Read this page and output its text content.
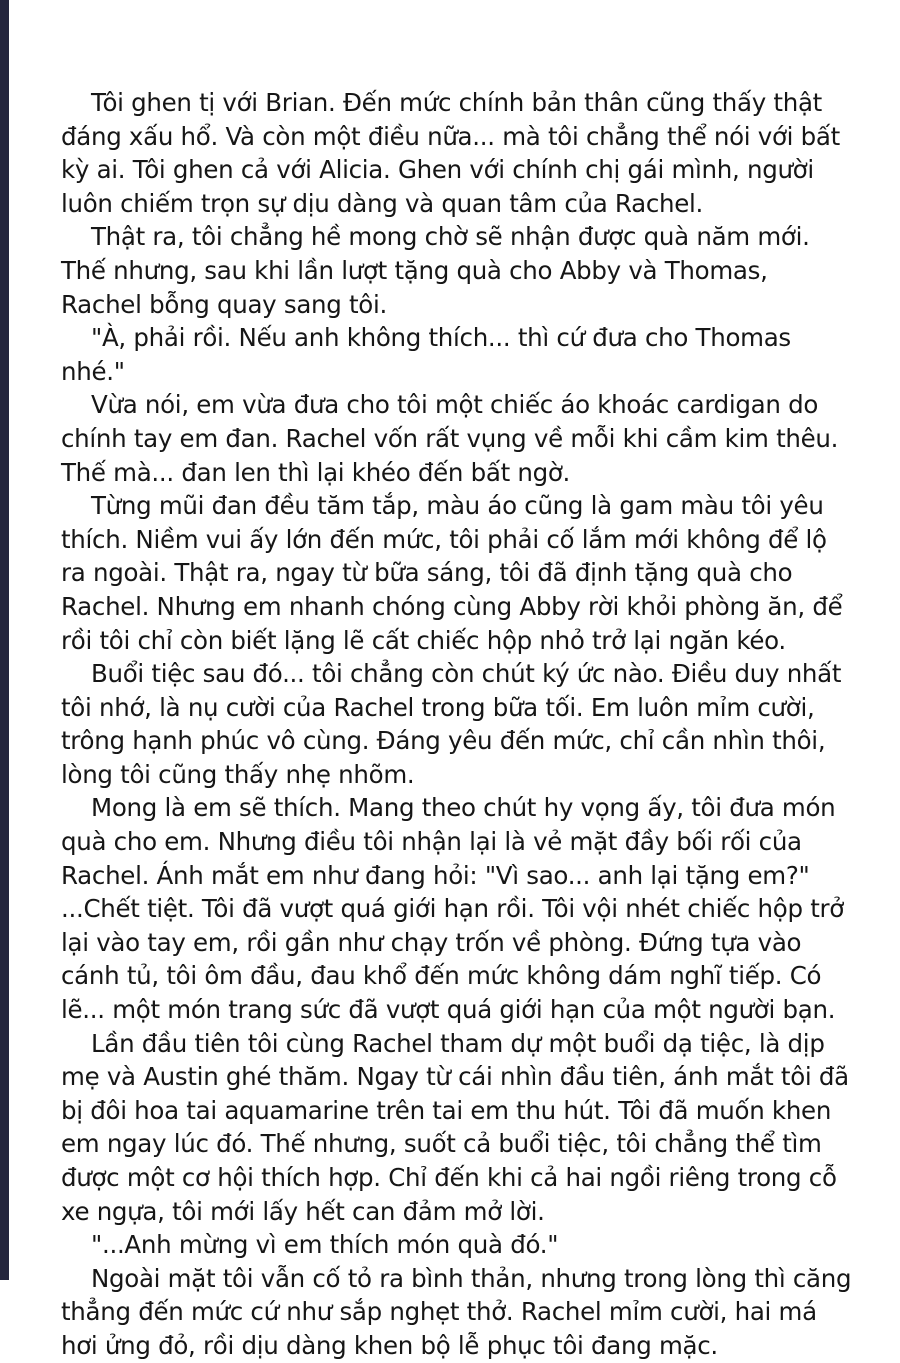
Tôi ghen tị với Brian. Đến mức chính bản thân cũng thấy thật đáng xấu hổ. Và còn một điều nữa... mà tôi chẳng thể nói với bất kỳ ai. Tôi ghen cả với Alicia. Ghen với chính chị gái mình, người luôn chiếm trọn sự dịu dàng và quan tâm của Rachel.

Thật ra, tôi chẳng hề mong chờ sẽ nhận được quà năm mới. Thế nhưng, sau khi lần lượt tặng quà cho Abby và Thomas, Rachel bỗng quay sang tôi.

"À, phải rồi. Nếu anh không thích... thì cứ đưa cho Thomas nhé."

Vừa nói, em vừa đưa cho tôi một chiếc áo khoác cardigan do chính tay em đan. Rachel vốn rất vụng về mỗi khi cầm kim thêu. Thế mà... đan len thì lại khéo đến bất ngờ.

Từng mũi đan đều tăm tắp, màu áo cũng là gam màu tôi yêu thích. Niềm vui ấy lớn đến mức, tôi phải cố lắm mới không để lộ ra ngoài. Thật ra, ngay từ bữa sáng, tôi đã định tặng quà cho Rachel. Nhưng em nhanh chóng cùng Abby rời khỏi phòng ăn, để rồi tôi chỉ còn biết lặng lẽ cất chiếc hộp nhỏ trở lại ngăn kéo.

Buổi tiệc sau đó... tôi chẳng còn chút ký ức nào. Điều duy nhất tôi nhớ, là nụ cười của Rachel trong bữa tối. Em luôn mỉm cười, trông hạnh phúc vô cùng. Đáng yêu đến mức, chỉ cần nhìn thôi, lòng tôi cũng thấy nhẹ nhõm.

Mong là em sẽ thích. Mang theo chút hy vọng ấy, tôi đưa món quà cho em. Nhưng điều tôi nhận lại là vẻ mặt đầy bối rối của Rachel. Ánh mắt em như đang hỏi: "Vì sao... anh lại tặng em?" ...Chết tiệt. Tôi đã vượt quá giới hạn rồi. Tôi vội nhét chiếc hộp trở lại vào tay em, rồi gần như chạy trốn về phòng. Đứng tựa vào cánh tủ, tôi ôm đầu, đau khổ đến mức không dám nghĩ tiếp. Có lẽ... một món trang sức đã vượt quá giới hạn của một người bạn.

Lần đầu tiên tôi cùng Rachel tham dự một buổi dạ tiệc, là dịp mẹ và Austin ghé thăm. Ngay từ cái nhìn đầu tiên, ánh mắt tôi đã bị đôi hoa tai aquamarine trên tai em thu hút. Tôi đã muốn khen em ngay lúc đó. Thế nhưng, suốt cả buổi tiệc, tôi chẳng thể tìm được một cơ hội thích hợp. Chỉ đến khi cả hai ngồi riêng trong cỗ xe ngựa, tôi mới lấy hết can đảm mở lời.

"...Anh mừng vì em thích món quà đó."

Ngoài mặt tôi vẫn cố tỏ ra bình thản, nhưng trong lòng thì căng thẳng đến mức cứ như sắp nghẹt thở. Rachel mỉm cười, hai má hơi ửng đỏ, rồi dịu dàng khen bộ lễ phục tôi đang mặc.
